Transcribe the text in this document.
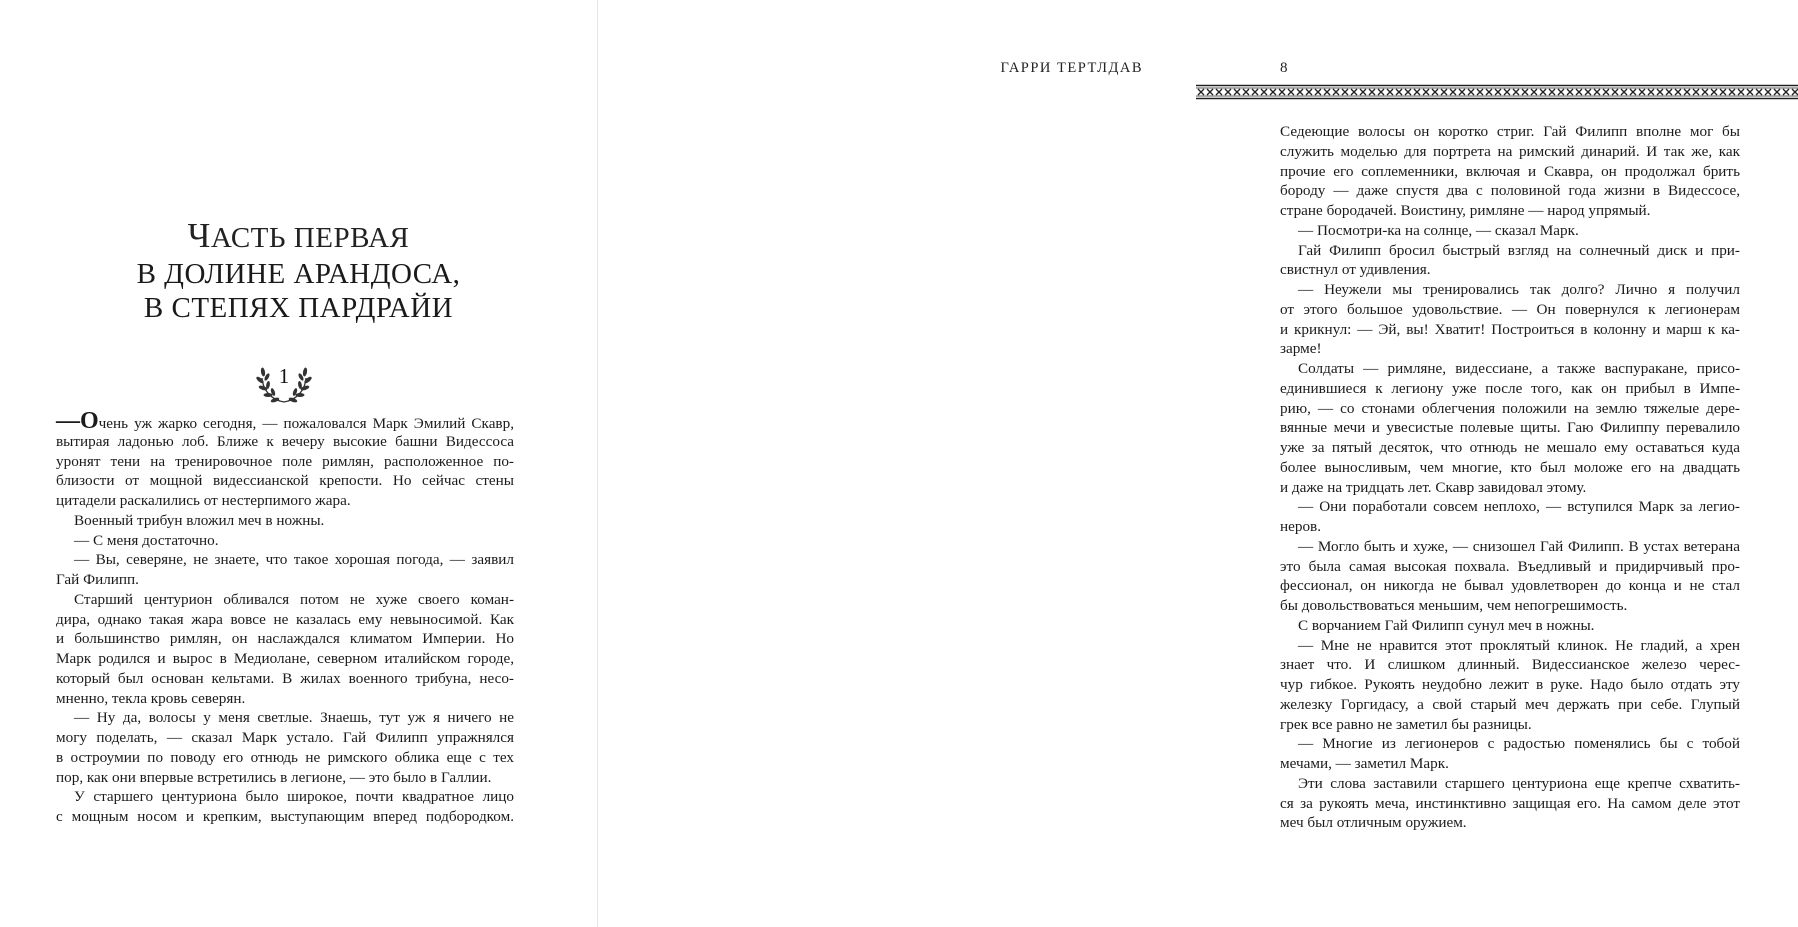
ЧАСТЬ ПЕРВАЯ
В ДОЛИНЕ АРАНДОСА,
В СТЕПЯХ ПАРДРАЙИ
1
—Очень уж жарко сегодня, — пожаловался Марк Эмилий Скавр,
вытирая ладонью лоб. Ближе к вечеру высокие башни Видессоса
уронят тени на тренировочное поле римлян, расположенное по-
близости от мощной видессианской крепости. Но сейчас стены
цитадели раскалились от нестерпимого жара.
Военный трибун вложил меч в ножны.
— С меня достаточно.
— Вы, северяне, не знаете, что такое хорошая погода, — заявил
Гай Филипп.
Старший центурион обливался потом не хуже своего коман-
дира, однако такая жара вовсе не казалась ему невыносимой. Как
и большинство римлян, он наслаждался климатом Империи. Но
Марк родился и вырос в Медиолане, северном италийском городе,
который был основан кельтами. В жилах военного трибуна, несо-
мненно, текла кровь северян.
— Ну да, волосы у меня светлые. Знаешь, тут уж я ничего не
могу поделать, — сказал Марк устало. Гай Филипп упражнялся
в остроумии по поводу его отнюдь не римского облика еще с тех
пор, как они впервые встретились в легионе, — это было в Галлии.
У старшего центуриона было широкое, почти квадратное лицо
с мощным носом и крепким, выступающим вперед подбородком.
8
ГАРРИ ТЕРТЛДАВ
Седеющие волосы он коротко стриг. Гай Филипп вполне мог бы
служить моделью для портрета на римский динарий. И так же, как
прочие его соплеменники, включая и Скавра, он продолжал брить
бороду — даже спустя два с половиной года жизни в Видессосе,
стране бородачей. Воистину, римляне — народ упрямый.
— Посмотри-ка на солнце, — сказал Марк.
Гай Филипп бросил быстрый взгляд на солнечный диск и при-
свистнул от удивления.
— Неужели мы тренировались так долго? Лично я получил
от этого большое удовольствие. — Он повернулся к легионерам
и крикнул: — Эй, вы! Хватит! Построиться в колонну и марш к ка-
зарме!
Солдаты — римляне, видессиане, а также васпуракане, присо-
единившиеся к легиону уже после того, как он прибыл в Импе-
рию, — со стонами облегчения положили на землю тяжелые дере-
вянные мечи и увесистые полевые щиты. Гаю Филиппу перевалило
уже за пятый десяток, что отнюдь не мешало ему оставаться куда
более выносливым, чем многие, кто был моложе его на двадцать
и даже на тридцать лет. Скавр завидовал этому.
— Они поработали совсем неплохо, — вступился Марк за легио-
неров.
— Могло быть и хуже, — снизошел Гай Филипп. В устах ветерана
это была самая высокая похвала. Въедливый и придирчивый про-
фессионал, он никогда не бывал удовлетворен до конца и не стал
бы довольствоваться меньшим, чем непогрешимость.
С ворчанием Гай Филипп сунул меч в ножны.
— Мне не нравится этот проклятый клинок. Не гладий, а хрен
знает что. И слишком длинный. Видессианское железо черес-
чур гибкое. Рукоять неудобно лежит в руке. Надо было отдать эту
железку Горгидасу, а свой старый меч держать при себе. Глупый
грек все равно не заметил бы разницы.
— Многие из легионеров с радостью поменялись бы с тобой
мечами, — заметил Марк.
Эти слова заставили старшего центуриона еще крепче схватить-
ся за рукоять меча, инстинктивно защищая его. На самом деле этот
меч был отличным оружием.
